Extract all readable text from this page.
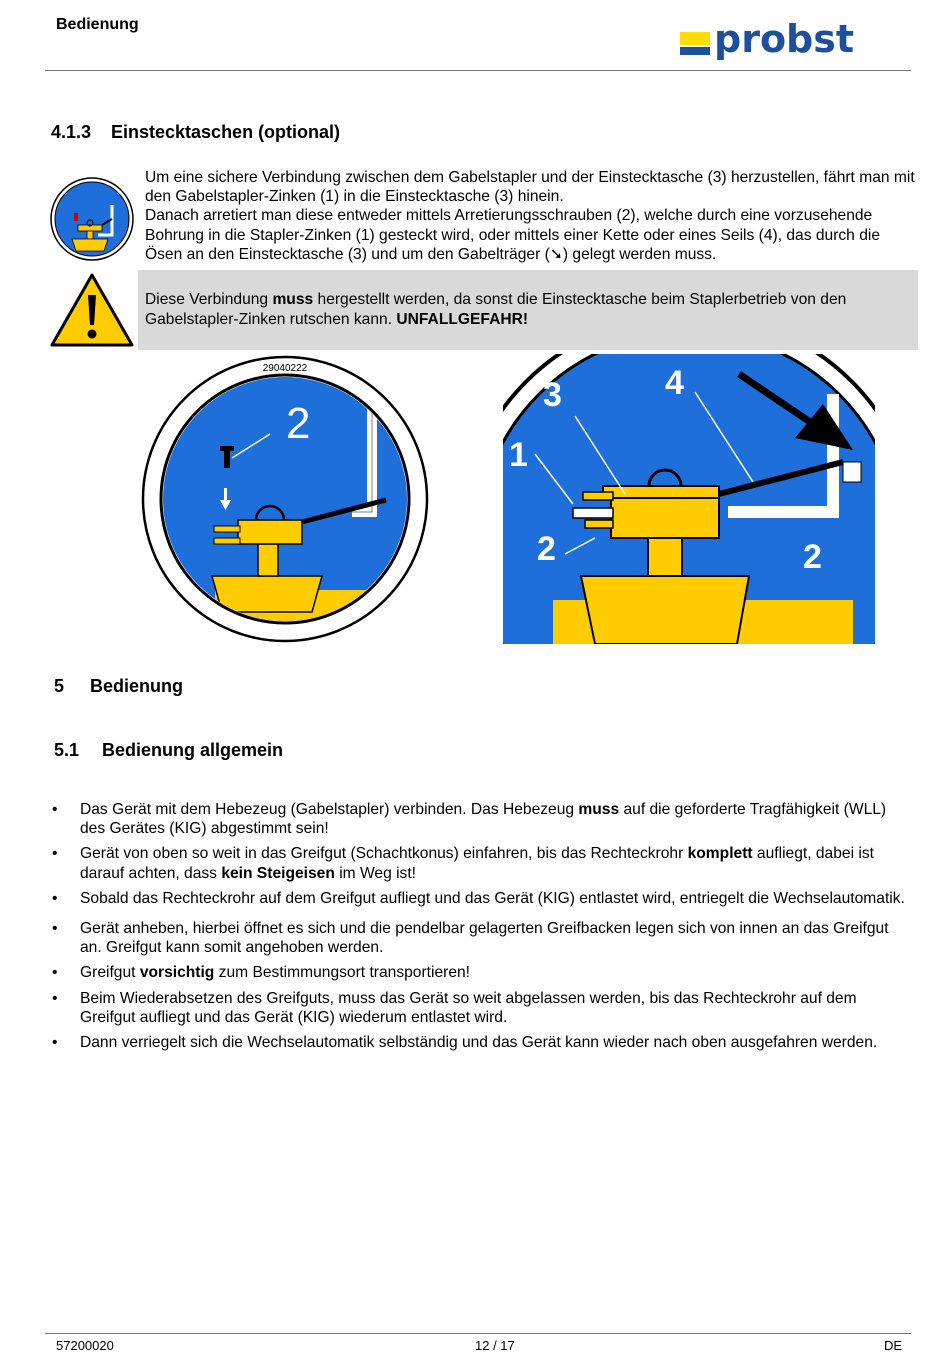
Bedienung	probst
4.1.3 Einstecktaschen (optional)

Um eine sichere Verbindung zwischen dem Gabelstapler und der Einstecktasche (3) herzustellen, fährt man mit den Gabelstapler-Zinken (1) in die Einstecktasche (3) hinein.

Danach arretiert man diese entweder mittels Arretierungsschrauben (2), welche durch eine vorzusehende Bohrung in die Stapler-Zinken (1) gesteckt wird, oder mittels einer Kette oder eines Seils (4), das durch die Ösen an den Einstecktasche (3) und um den Gabelträger (➘) gelegt werden muss.

Diese Verbindung muss hergestellt werden, da sonst die Einstecktasche beim Staplerbetrieb von den Gabelstapler-Zinken rutschen kann. UNFALLGEFAHR!

29040222
2
3	4
1
2	2
5 Bedienung
5.1 Bedienung allgemein
• Das Gerät mit dem Hebezeug (Gabelstapler) verbinden. Das Hebezeug muss auf die geforderte Tragfähigkeit (WLL) des Gerätes (KIG) abgestimmt sein!
• Gerät von oben so weit in das Greifgut (Schachtkonus) einfahren, bis das Rechteckrohr komplett aufliegt, dabei ist darauf achten, dass kein Steigeisen im Weg ist!
• Sobald das Rechteckrohr auf dem Greifgut aufliegt und das Gerät (KIG) entlastet wird, entriegelt die Wechselautomatik.
• Gerät anheben, hierbei öffnet es sich und die pendelbar gelagerten Greifbacken legen sich von innen an das Greifgut an. Greifgut kann somit angehoben werden.
• Greifgut vorsichtig zum Bestimmungsort transportieren!
• Beim Wiederabsetzen des Greifguts, muss das Gerät so weit abgelassen werden, bis das Rechteckrohr auf dem Greifgut aufliegt und das Gerät (KIG) wiederum entlastet wird.
• Dann verriegelt sich die Wechselautomatik selbständig und das Gerät kann wieder nach oben ausgefahren werden.
57200020	12 / 17	DE
